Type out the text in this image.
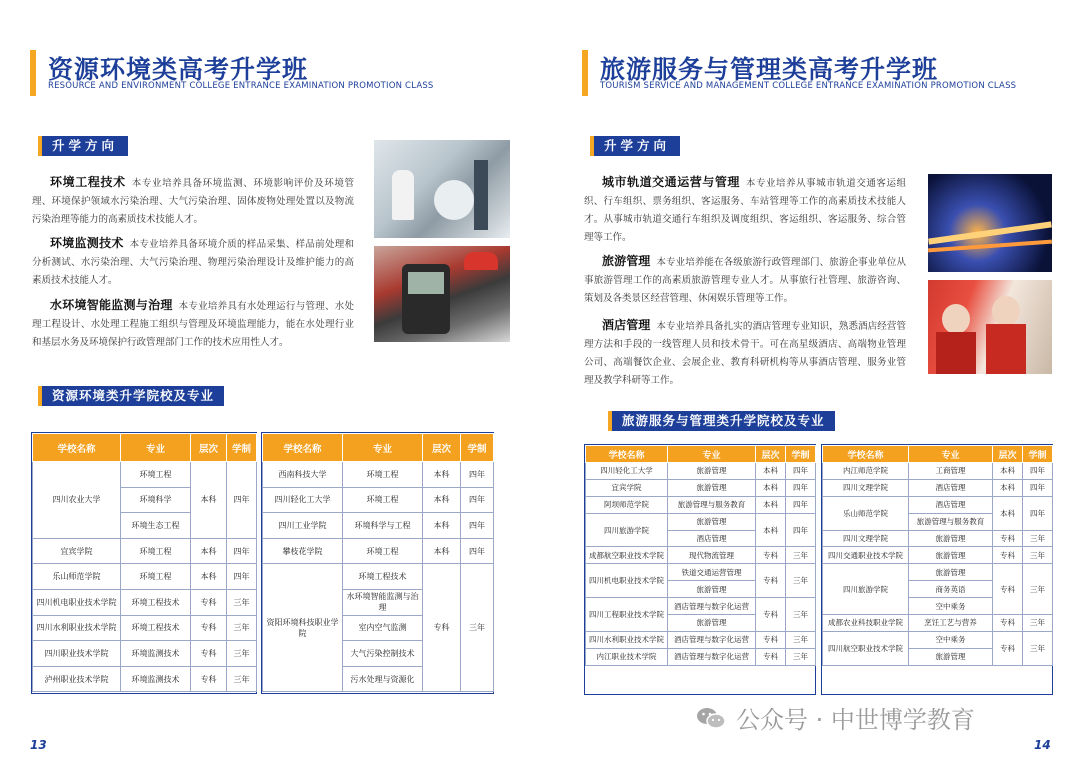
资源环境类高考升学班
RESOURCE AND ENVIRONMENT COLLEGE ENTRANCE EXAMINATION PROMOTION CLASS
升学方向
环境工程技术 本专业培养具备环境监测、环境影响评价及环境管理、环境保护领域水污染治理、大气污染治理、固体废物处理处置以及物流污染治理等能力的高素质技术技能人才。
环境监测技术 本专业培养具备环境介质的样品采集、样品前处理和分析测试、水污染治理、大气污染治理、物理污染治理设计及维护能力的高素质技术技能人才。
水环境智能监测与治理 本专业培养具有水处理运行与管理、水处理工程设计、水处理工程施工组织与管理及环境监理能力，能在水处理行业和基层水务及环境保护行政管理部门工作的技术应用性人才。
资源环境类升学院校及专业
学校名称	专业	层次	学制
四川农业大学	环境工程	本科	四年
	环境科学		
	环境生态工程		
宜宾学院	环境工程	本科	四年
乐山师范学院	环境工程	本科	四年
四川机电职业技术学院	环境工程技术	专科	三年
四川水利职业技术学院	环境工程技术	专科	三年
四川职业技术学院	环境监测技术	专科	三年
泸州职业技术学院	环境监测技术	专科	三年
学校名称	专业	层次	学制
西南科技大学	环境工程	本科	四年
四川轻化工大学	环境工程	本科	四年
四川工业学院	环境科学与工程	本科	四年
攀枝花学院	环境工程	本科	四年
资阳环境科技职业学院	环境工程技术	专科	三年
	水环境智能监测与治理		
	室内空气监测		
	大气污染控制技术		
	污水处理与资源化		
13
旅游服务与管理类高考升学班
TOURISM SERVICE AND MANAGEMENT COLLEGE ENTRANCE EXAMINATION PROMOTION CLASS
升学方向
城市轨道交通运营与管理 本专业培养从事城市轨道交通客运组织、行车组织、票务组织、客运服务、车站管理等工作的高素质技术技能人才。从事城市轨道交通行车组织及调度组织、客运组织、客运服务、综合管理等工作。
旅游管理 本专业培养能在各级旅游行政管理部门、旅游企事业单位从事旅游管理工作的高素质旅游管理专业人才。从事旅行社管理、旅游咨询、策划及各类景区经营管理、休闲娱乐管理等工作。
酒店管理 本专业培养具备扎实的酒店管理专业知识，熟悉酒店经营管理方法和手段的一线管理人员和技术骨干。可在高星级酒店、高端物业管理公司、高端餐饮企业、会展企业、教育科研机构等从事酒店管理、服务业管理及教学科研等工作。
旅游服务与管理类升学院校及专业
学校名称	专业	层次	学制
四川轻化工大学	旅游管理	本科	四年
宜宾学院	旅游管理	本科	四年
阿坝师范学院	旅游管理与服务教育	本科	四年
四川旅游学院	旅游管理	本科	四年
	酒店管理		
成都航空职业技术学院	现代物流管理	专科	三年
四川机电职业技术学院	铁道交通运营管理	专科	三年
	旅游管理		
四川工程职业技术学院	酒店管理与数字化运营	专科	三年
	旅游管理		
四川水利职业技术学院	酒店管理与数字化运营	专科	三年
内江职业技术学院	酒店管理与数字化运营	专科	三年
学校名称	专业	层次	学制
内江师范学院	工商管理	本科	四年
四川文理学院	酒店管理	本科	四年
乐山师范学院	酒店管理	本科	四年
	旅游管理与服务教育		
四川文理学院	旅游管理	专科	三年
四川交通职业技术学院	旅游管理	专科	三年
四川旅游学院	旅游管理	专科	三年
	商务英语		
	空中乘务		
成都农业科技职业学院	烹饪工艺与营养	专科	三年
四川航空职业技术学院	空中乘务	专科	三年
	旅游管理		
14
公众号 · 中世博学教育
